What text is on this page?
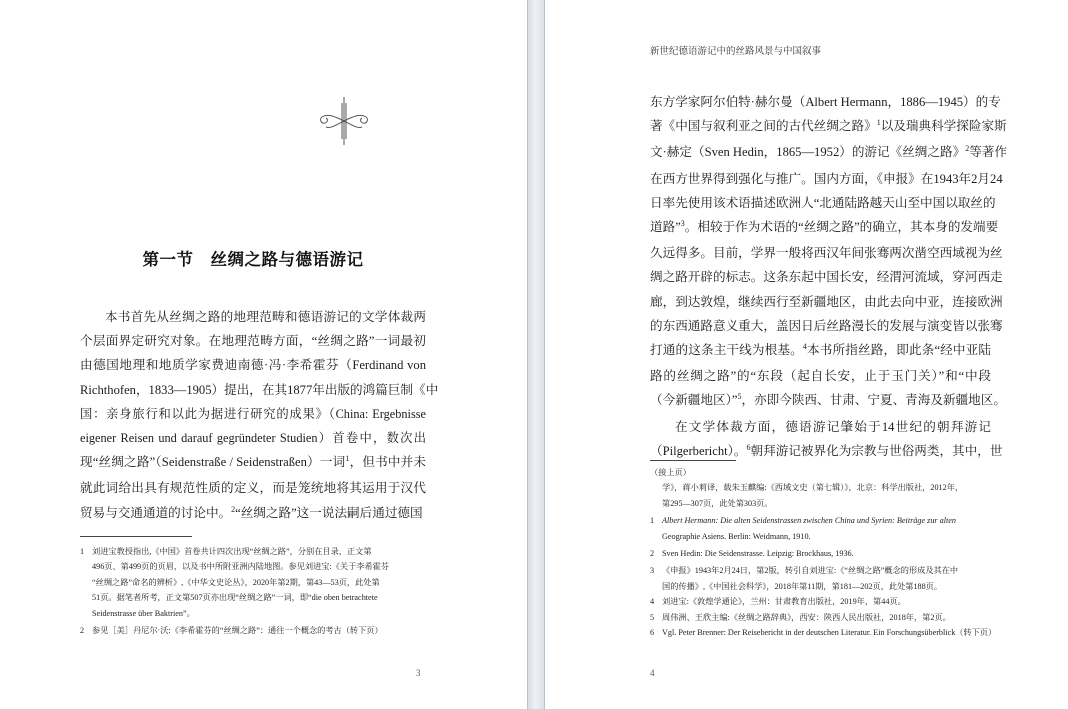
第一节　丝绸之路与德语游记
本书首先从丝绸之路的地理范畴和德语游记的文学体裁两
个层面界定研究对象。在地理范畴方面，“丝绸之路”一词最初
由德国地理和地质学家费迪南德·冯·李希霍芬（Ferdinand von
Richthofen，1833—1905）提出，在其1877年出版的鸿篇巨制《中
国：亲身旅行和以此为据进行研究的成果》（China: Ergebnisse
eigener Reisen und darauf gegründeter Studien）首卷中，数次出
现“丝绸之路”（Seidenstraße / Seidenstraßen）一词$^1$，但书中并未
就此词给出具有规范性质的定义，而是笼统地将其运用于汉代
贸易与交通通道的讨论中。$^2$“丝绸之路”这一说法嗣后通过德国
1 刘进宝教授指出,《中国》首卷共计四次出现“丝绸之路”，分别在目录、正文第
496页、第499页的页眉，以及书中所附亚洲内陆地图。参见刘进宝:《关于李希霍芬
“丝绸之路”命名的辨析》,《中华文史论丛》，2020年第2期，第43—53页，此处第
51页。据笔者所考，正文第507页亦出现“丝绸之路”一词，即“die oben betrachtete
Seidenstrasse über Baktrien”。
2 参见［美］丹尼尔·沃:《李希霍芬的“丝绸之路”：通往一个概念的考古（转下页）
3
新世纪德语游记中的丝路风景与中国叙事
东方学家阿尔伯特·赫尔曼（Albert Hermann，1886—1945）的专
著《中国与叙利亚之间的古代丝绸之路》$^1$以及瑞典科学探险家斯
文·赫定（Sven Hedin，1865—1952）的游记《丝绸之路》$^2$等著作
在西方世界得到强化与推广。国内方面，《申报》在1943年2月24
日率先使用该术语描述欧洲人“北通陆路越天山至中国以取丝的
道路”$^3$。相较于作为术语的“丝绸之路”的确立，其本身的发端要
久远得多。目前，学界一般将西汉年间张骞两次凿空西域视为丝
绸之路开辟的标志。这条东起中国长安，经渭河流域，穿河西走
廊，到达敦煌，继续西行至新疆地区，由此去向中亚，连接欧洲
的东西通路意义重大，盖因日后丝路漫长的发展与演变皆以张骞
打通的这条主干线为根基。$^4$本书所指丝路，即此条“经中亚陆
路的丝绸之路”的“东段（起自长安，止于玉门关）”和“中段
（今新疆地区）”$^5$，亦即今陕西、甘肃、宁夏、青海及新疆地区。
在文学体裁方面，德语游记肇始于14世纪的朝拜游记
（Pilgerbericht）。$^6$朝拜游记被界化为宗教与世俗两类，其中，世
（接上页）
学》，蒋小莉译，载朱玉麒编:《西域文史（第七辑）》，北京：科学出版社，2012年，
第295—307页，此处第303页。
1 Albert Hermann: Die alten Seidenstrassen zwischen China und Syrien: Beiträge zur alten
Geographie Asiens. Berlin: Weidmann, 1910.
2 Sven Hedin: Die Seidenstrasse. Leipzig: Brockhaus, 1936.
3 《申报》1943年2月24日，第2版，转引自刘进宝:《“丝绸之路”概念的形成及其在中
国的传播》,《中国社会科学》，2018年第11期，第181—202页，此处第188页。
4 刘进宝:《敦煌学通论》，兰州：甘肃教育出版社，2019年，第44页。
5 周伟洲、王欣主编:《丝绸之路辞典》，西安：陕西人民出版社，2018年，第2页。
6 Vgl. Peter Brenner: Der Reisebericht in der deutschen Literatur. Ein Forschungsüberblick（转下页）
4
